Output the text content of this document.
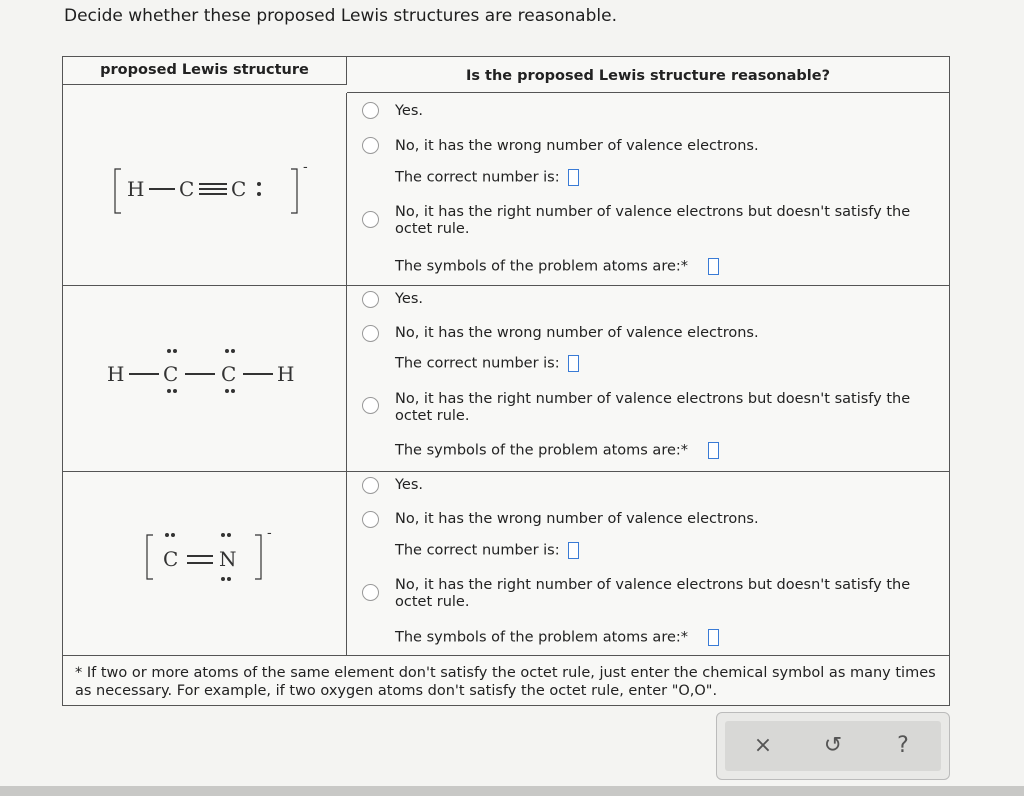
Decide whether these proposed Lewis structures are reasonable.
proposed Lewis structure	Is the proposed Lewis structure reasonable?
-
H C C
Yes.
No, it has the wrong number of valence electrons.
The correct number is:
No, it has the right number of valence electrons but doesn't satisfy the octet rule.
The symbols of the problem atoms are:*
H C C H
Yes.
No, it has the wrong number of valence electrons.
The correct number is:
No, it has the right number of valence electrons but doesn't satisfy the octet rule.
The symbols of the problem atoms are:*
-
C N
Yes.
No, it has the wrong number of valence electrons.
The correct number is:
No, it has the right number of valence electrons but doesn't satisfy the octet rule.
The symbols of the problem atoms are:*
* If two or more atoms of the same element don't satisfy the octet rule, just enter the chemical symbol as many times as necessary. For example, if two oxygen atoms don't satisfy the octet rule, enter "O,O".
×	↺	?
